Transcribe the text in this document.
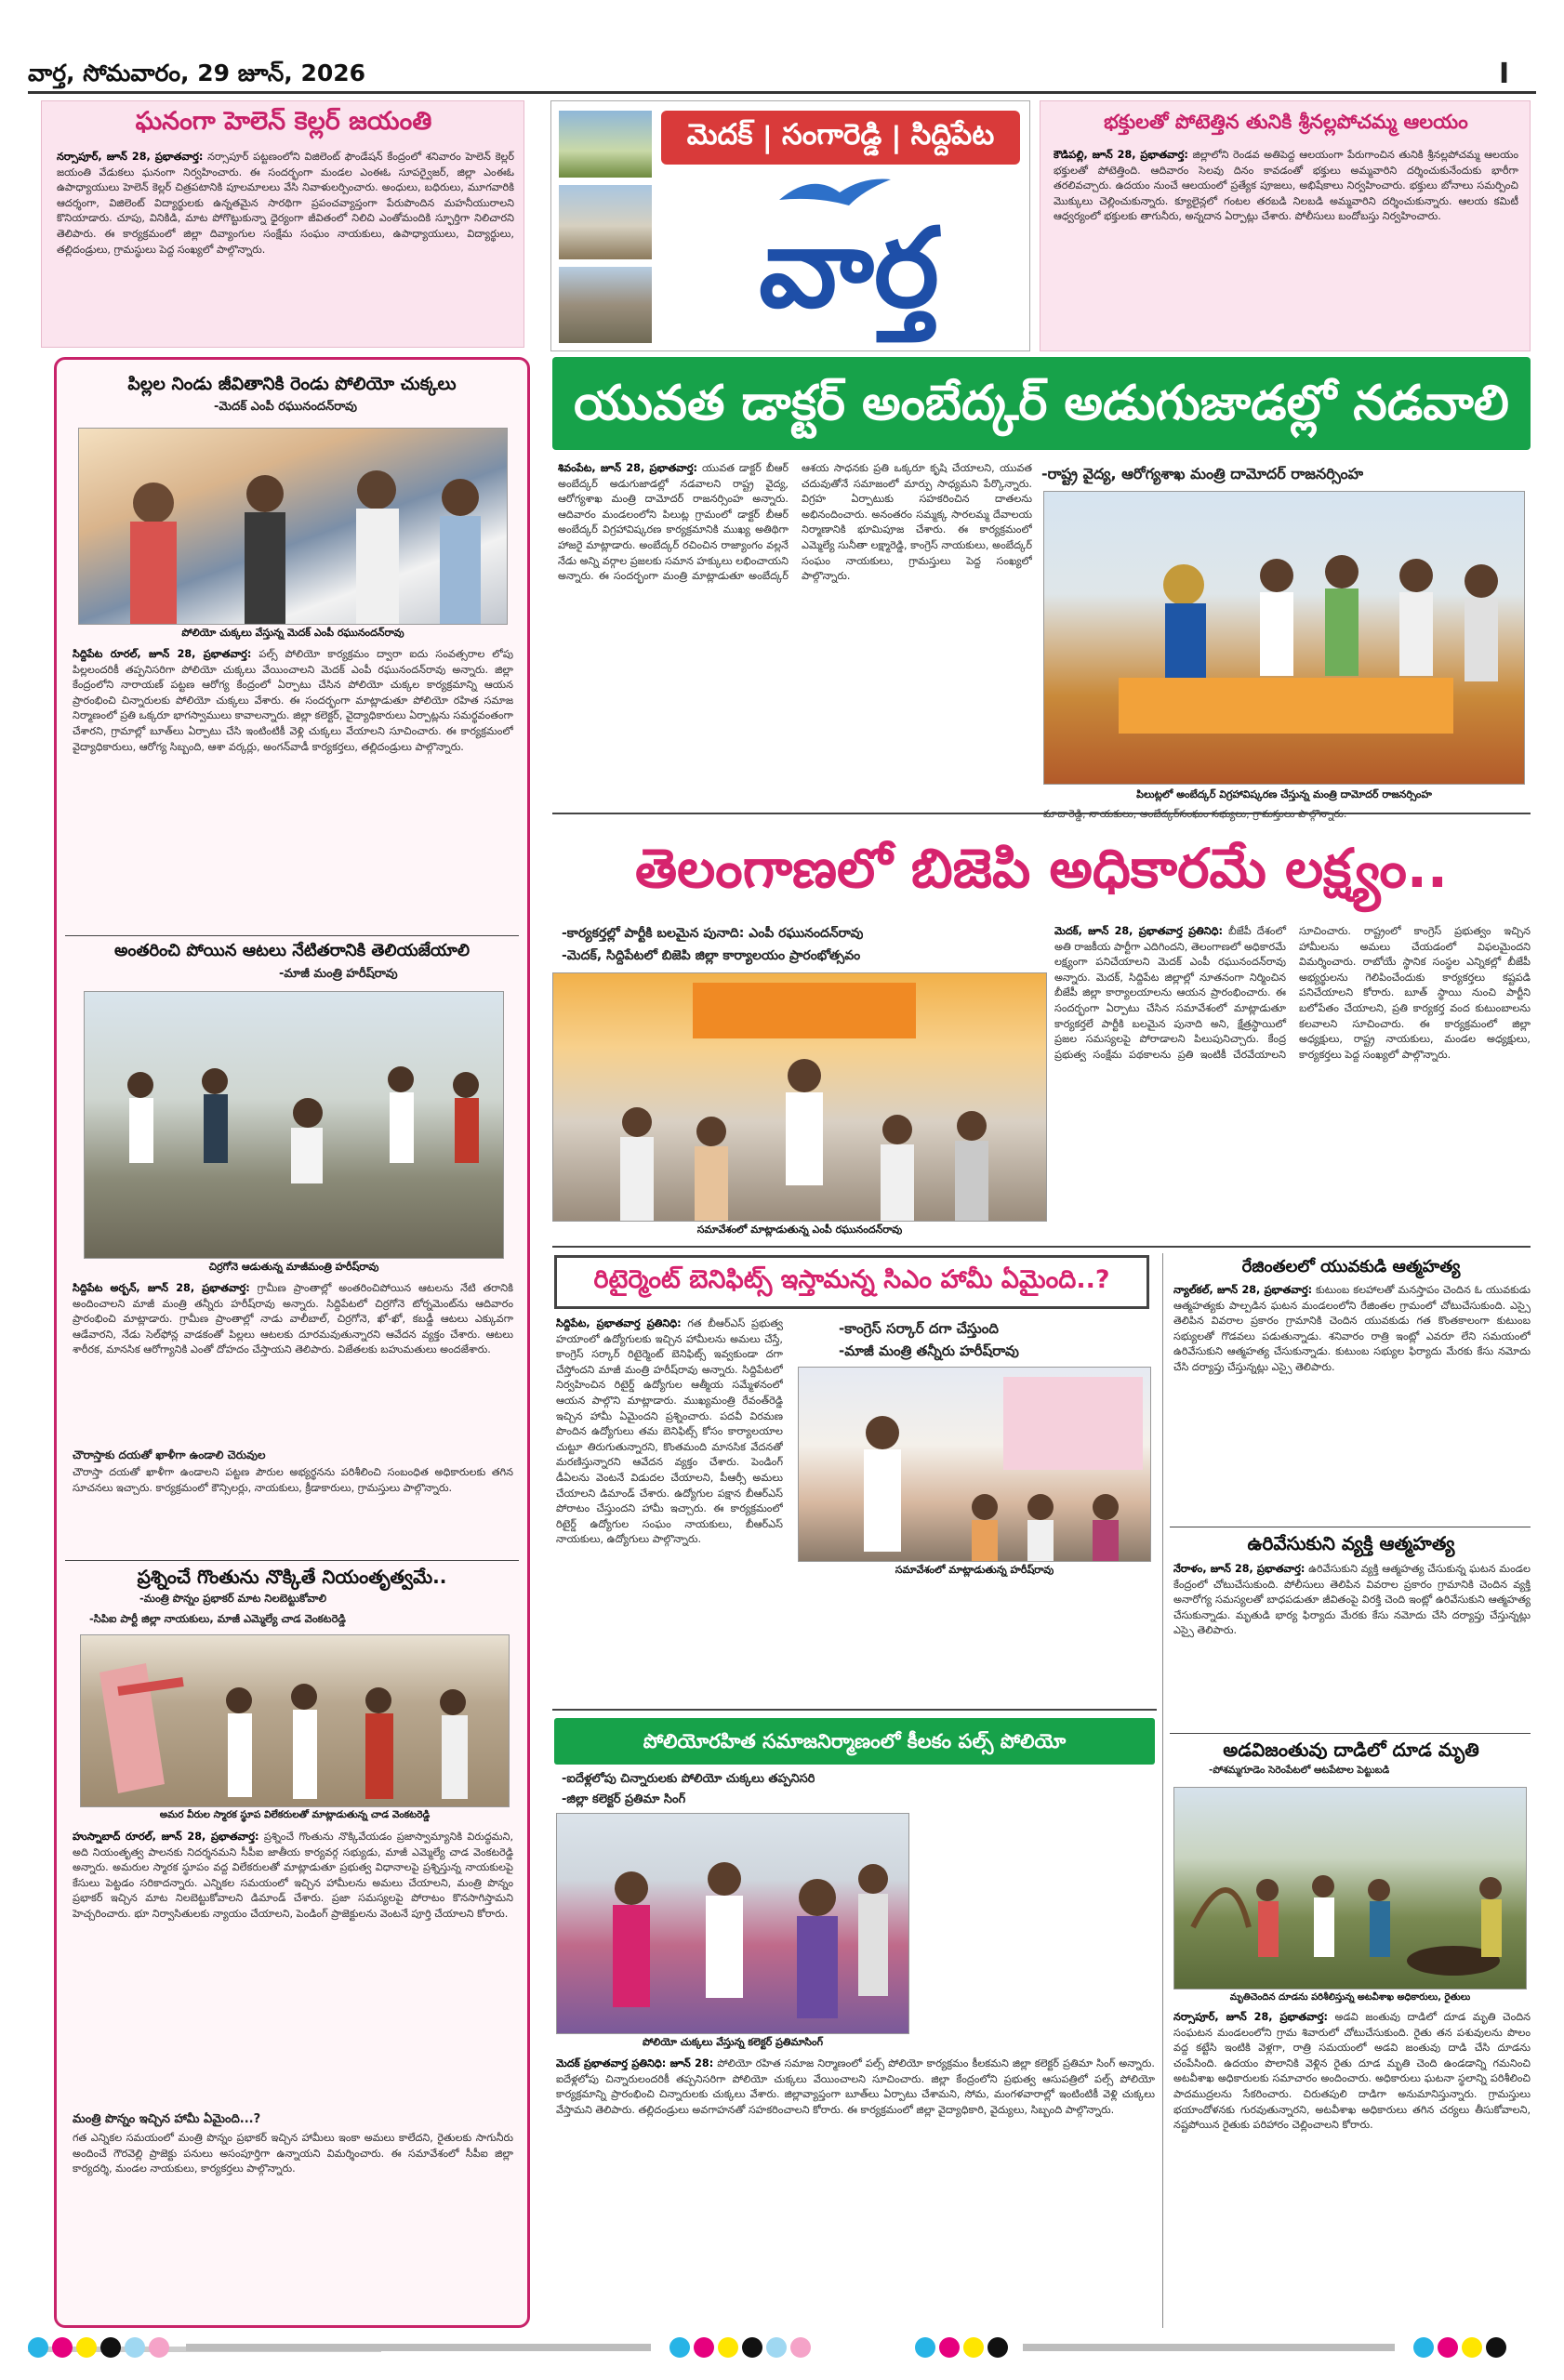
వార్త, సోమవారం, 29 జూన్, 2026	I
ఘనంగా హెలెన్ కెల్లర్ జయంతి
నర్సాపూర్, జూన్ 28, ప్రభాతవార్త: నర్సాపూర్ పట్టణంలోని విజిలెంట్ ఫౌండేషన్ కేంద్రంలో శనివారం హెలెన్ కెల్లర్ జయంతి వేడుకలు ఘనంగా నిర్వహించారు. ఈ సందర్భంగా మండల ఎంఈఓ సూపర్వైజర్, జిల్లా ఎంఈఓ ఉపాధ్యాయులు హెలెన్ కెల్లర్ చిత్రపటానికి పూలమాలలు వేసి నివాళులర్పించారు. అంధులు, బధిరులు, మూగవారికి ఆదర్శంగా, విజిలెంట్ విద్యార్థులకు ఉన్నతమైన సారథిగా ప్రపంచవ్యాప్తంగా పేరుపొందిన మహనీయురాలని కొనియాడారు. చూపు, వినికిడి, మాట పోగొట్టుకున్నా ధైర్యంగా జీవితంలో నిలిచి ఎంతోమందికి స్ఫూర్తిగా నిలిచారని తెలిపారు. ఈ కార్యక్రమంలో జిల్లా దివ్యాంగుల సంక్షేమ సంఘం నాయకులు, ఉపాధ్యాయులు, విద్యార్థులు, తల్లిదండ్రులు, గ్రామస్థులు పెద్ద సంఖ్యలో పాల్గొన్నారు.
మెదక్ | సంగారెడ్డి | సిద్దిపేట
వార్త
భక్తులతో పోటెత్తిన తునికి శ్రీనల్లపోచమ్మ ఆలయం
కౌడిపల్లి, జూన్ 28, ప్రభాతవార్త: జిల్లాలోని రెండవ అతిపెద్ద ఆలయంగా పేరుగాంచిన తునికి శ్రీనల్లపోచమ్మ ఆలయం భక్తులతో పోటెత్తింది. ఆదివారం సెలవు దినం కావడంతో భక్తులు అమ్మవారిని దర్శించుకునేందుకు భారీగా తరలివచ్చారు. ఉదయం నుంచే ఆలయంలో ప్రత్యేక పూజలు, అభిషేకాలు నిర్వహించారు. భక్తులు బోనాలు సమర్పించి మొక్కులు చెల్లించుకున్నారు. క్యూలైన్లలో గంటల తరబడి నిలబడి అమ్మవారిని దర్శించుకున్నారు. ఆలయ కమిటీ ఆధ్వర్యంలో భక్తులకు తాగునీరు, అన్నదాన ఏర్పాట్లు చేశారు. పోలీసులు బందోబస్తు నిర్వహించారు.
పిల్లల నిండు జీవితానికి రెండు పోలియో చుక్కలు
-మెదక్ ఎంపీ రఘునందన్‌రావు
పోలియో చుక్కలు వేస్తున్న మెదక్ ఎంపీ రఘునందన్‌రావు
సిద్దిపేట రూరల్, జూన్ 28, ప్రభాతవార్త: పల్స్ పోలియో కార్యక్రమం ద్వారా ఐదు సంవత్సరాల లోపు పిల్లలందరికీ తప్పనిసరిగా పోలియో చుక్కలు వేయించాలని మెదక్ ఎంపీ రఘునందన్‌రావు అన్నారు. జిల్లా కేంద్రంలోని నారాయణ్ పట్టణ ఆరోగ్య కేంద్రంలో ఏర్పాటు చేసిన పోలియో చుక్కల కార్యక్రమాన్ని ఆయన ప్రారంభించి చిన్నారులకు పోలియో చుక్కలు వేశారు. ఈ సందర్భంగా మాట్లాడుతూ పోలియో రహిత సమాజ నిర్మాణంలో ప్రతి ఒక్కరూ భాగస్వాములు కావాలన్నారు. జిల్లా కలెక్టర్, వైద్యాధికారులు ఏర్పాట్లను సమర్థవంతంగా చేశారని, గ్రామాల్లో బూత్‌లు ఏర్పాటు చేసి ఇంటింటికీ వెళ్లి చుక్కలు వేయాలని సూచించారు. ఈ కార్యక్రమంలో వైద్యాధికారులు, ఆరోగ్య సిబ్బంది, ఆశా వర్కర్లు, అంగన్‌వాడీ కార్యకర్తలు, తల్లిదండ్రులు పాల్గొన్నారు.
అంతరించి పోయిన ఆటలు నేటితరానికి తెలియజేయాలి
-మాజీ మంత్రి హరీష్‌రావు
చిర్రగోనె ఆడుతున్న మాజీమంత్రి హరీష్‌రావు
సిద్దిపేట అర్బన్, జూన్ 28, ప్రభాతవార్త: గ్రామీణ ప్రాంతాల్లో అంతరించిపోయిన ఆటలను నేటి తరానికి అందించాలని మాజీ మంత్రి తన్నీరు హరీష్‌రావు అన్నారు. సిద్దిపేటలో చిర్రగోనె టోర్నమెంట్‌ను ఆదివారం ప్రారంభించి మాట్లాడారు. గ్రామీణ ప్రాంతాల్లో నాడు వాలీబాల్, చిర్రగోనె, ఖో-ఖో, కబడ్డీ ఆటలు ఎక్కువగా ఆడేవారని, నేడు సెల్‌ఫోన్ల వాడకంతో పిల్లలు ఆటలకు దూరమవుతున్నారని ఆవేదన వ్యక్తం చేశారు. ఆటలు శారీరక, మానసిక ఆరోగ్యానికి ఎంతో దోహదం చేస్తాయని తెలిపారు. విజేతలకు బహుమతులు అందజేశారు.
చౌరాస్తాకు దయతో ఖాళీగా ఉండాలి చెరువుల
చౌరాస్తా దయతో ఖాళీగా ఉండాలని పట్టణ పౌరుల అభ్యర్థనను పరిశీలించి సంబంధిత అధికారులకు తగిన సూచనలు ఇచ్చారు. కార్యక్రమంలో కౌన్సిలర్లు, నాయకులు, క్రీడాకారులు, గ్రామస్తులు పాల్గొన్నారు.
ప్రశ్నించే గొంతును నొక్కితే నియంతృత్వమే..
-మంత్రి పొన్నం ప్రభాకర్ మాట నిలబెట్టుకోవాలి
-సిపిఐ పార్టీ జిల్లా నాయకులు, మాజీ ఎమ్మెల్యే చాడ వెంకటరెడ్డి
అమర వీరుల స్మారక స్థూప విలేకరులతో మాట్లాడుతున్న చాడ వెంకటరెడ్డి
హుస్నాబాద్ రూరల్, జూన్ 28, ప్రభాతవార్త: ప్రశ్నించే గొంతును నొక్కివేయడం ప్రజాస్వామ్యానికి విరుద్ధమని, అది నియంతృత్వ పాలనకు నిదర్శనమని సీపీఐ జాతీయ కార్యవర్గ సభ్యుడు, మాజీ ఎమ్మెల్యే చాడ వెంకటరెడ్డి అన్నారు. అమరుల స్మారక స్థూపం వద్ద విలేకరులతో మాట్లాడుతూ ప్రభుత్వ విధానాలపై ప్రశ్నిస్తున్న నాయకులపై కేసులు పెట్టడం సరికాదన్నారు. ఎన్నికల సమయంలో ఇచ్చిన హామీలను అమలు చేయాలని, మంత్రి పొన్నం ప్రభాకర్ ఇచ్చిన మాట నిలబెట్టుకోవాలని డిమాండ్ చేశారు. ప్రజా సమస్యలపై పోరాటం కొనసాగిస్తామని హెచ్చరించారు. భూ నిర్వాసితులకు న్యాయం చేయాలని, పెండింగ్ ప్రాజెక్టులను వెంటనే పూర్తి చేయాలని కోరారు.
మంత్రి పొన్నం ఇచ్చిన హామీ ఏమైంది...?
గత ఎన్నికల సమయంలో మంత్రి పొన్నం ప్రభాకర్ ఇచ్చిన హామీలు ఇంకా అమలు కాలేదని, రైతులకు సాగునీరు అందించే గౌరవెల్లి ప్రాజెక్టు పనులు అసంపూర్తిగా ఉన్నాయని విమర్శించారు. ఈ సమావేశంలో సీపీఐ జిల్లా కార్యదర్శి, మండల నాయకులు, కార్యకర్తలు పాల్గొన్నారు.
యువత డాక్టర్ అంబేద్కర్ అడుగుజాడల్లో నడవాలి
-రాష్ట్ర వైద్య, ఆరోగ్యశాఖ మంత్రి దామోదర్ రాజనర్సింహ
శివంపేట, జూన్ 28, ప్రభాతవార్త: యువత డాక్టర్ బీఆర్ అంబేద్కర్ అడుగుజాడల్లో నడవాలని రాష్ట్ర వైద్య, ఆరోగ్యశాఖ మంత్రి దామోదర్ రాజనర్సింహ అన్నారు. ఆదివారం మండలంలోని పిలుట్ల గ్రామంలో డాక్టర్ బీఆర్ అంబేద్కర్ విగ్రహావిష్కరణ కార్యక్రమానికి ముఖ్య అతిథిగా హాజరై మాట్లాడారు. అంబేద్కర్ రచించిన రాజ్యాంగం వల్లనే నేడు అన్ని వర్గాల ప్రజలకు సమాన హక్కులు లభించాయని అన్నారు. ఈ సందర్భంగా మంత్రి మాట్లాడుతూ అంబేద్కర్ ఆశయ సాధనకు ప్రతి ఒక్కరూ కృషి చేయాలని, యువత చదువుతోనే సమాజంలో మార్పు సాధ్యమని పేర్కొన్నారు. విగ్రహ ఏర్పాటుకు సహకరించిన దాతలను అభినందించారు. అనంతరం సమ్మక్క సారలమ్మ దేవాలయ నిర్మాణానికి భూమిపూజ చేశారు. ఈ కార్యక్రమంలో ఎమ్మెల్యే సునీతా లక్ష్మారెడ్డి, కాంగ్రెస్ నాయకులు, అంబేద్కర్ సంఘం నాయకులు, గ్రామస్తులు పెద్ద సంఖ్యలో పాల్గొన్నారు.
పిలుట్లలో అంబేద్కర్ విగ్రహావిష్కరణ చేస్తున్న మంత్రి దామోదర్ రాజనర్సింహ
తెలంగాణలో బిజెపి అధికారమే లక్ష్యం..
-కార్యకర్తల్లో పార్టీకి బలమైన పునాది: ఎంపీ రఘునందన్‌రావు
-మెదక్, సిద్దిపేటలో బిజెపి జిల్లా కార్యాలయం ప్రారంభోత్సవం
సమావేశంలో మాట్లాడుతున్న ఎంపీ రఘునందన్‌రావు
మెదక్, జూన్ 28, ప్రభాతవార్త ప్రతినిధి: బీజేపీ దేశంలో అతి రాజకీయ పార్టీగా ఎదిగిందని, తెలంగాణలో అధికారమే లక్ష్యంగా పనిచేయాలని మెదక్ ఎంపీ రఘునందన్‌రావు అన్నారు. మెదక్, సిద్దిపేట జిల్లాల్లో నూతనంగా నిర్మించిన బీజేపీ జిల్లా కార్యాలయాలను ఆయన ప్రారంభించారు. ఈ సందర్భంగా ఏర్పాటు చేసిన సమావేశంలో మాట్లాడుతూ కార్యకర్తలే పార్టీకి బలమైన పునాది అని, క్షేత్రస్థాయిలో ప్రజల సమస్యలపై పోరాడాలని పిలుపునిచ్చారు. కేంద్ర ప్రభుత్వ సంక్షేమ పథకాలను ప్రతి ఇంటికీ చేరవేయాలని సూచించారు. రాష్ట్రంలో కాంగ్రెస్ ప్రభుత్వం ఇచ్చిన హామీలను అమలు చేయడంలో విఫలమైందని విమర్శించారు. రాబోయే స్థానిక సంస్థల ఎన్నికల్లో బీజేపీ అభ్యర్థులను గెలిపించేందుకు కార్యకర్తలు కష్టపడి పనిచేయాలని కోరారు. బూత్ స్థాయి నుంచి పార్టీని బలోపేతం చేయాలని, ప్రతి కార్యకర్త వంద కుటుంబాలను కలవాలని సూచించారు. ఈ కార్యక్రమంలో జిల్లా అధ్యక్షులు, రాష్ట్ర నాయకులు, మండల అధ్యక్షులు, కార్యకర్తలు పెద్ద సంఖ్యలో పాల్గొన్నారు.
రిటైర్మెంట్ బెనిఫిట్స్ ఇస్తామన్న సిఎం హామీ ఏమైంది..?
సిద్దిపేట, ప్రభాతవార్త ప్రతినిధి: గత బీఆర్ఎస్ ప్రభుత్వ హయాంలో ఉద్యోగులకు ఇచ్చిన హామీలను అమలు చేస్తే, కాంగ్రెస్ సర్కార్ రిటైర్మెంట్ బెనిఫిట్స్ ఇవ్వకుండా దగా చేస్తోందని మాజీ మంత్రి హరీష్‌రావు అన్నారు. సిద్దిపేటలో నిర్వహించిన రిటైర్డ్ ఉద్యోగుల ఆత్మీయ సమ్మేళనంలో ఆయన పాల్గొని మాట్లాడారు. ముఖ్యమంత్రి రేవంత్‌రెడ్డి ఇచ్చిన హామీ ఏమైందని ప్రశ్నించారు. పదవీ విరమణ పొందిన ఉద్యోగులు తమ బెనిఫిట్స్ కోసం కార్యాలయాల చుట్టూ తిరుగుతున్నారని, కొంతమంది మానసిక వేదనతో మరణిస్తున్నారని ఆవేదన వ్యక్తం చేశారు. పెండింగ్ డీఏలను వెంటనే విడుదల చేయాలని, పీఆర్సీ అమలు చేయాలని డిమాండ్ చేశారు. ఉద్యోగుల పక్షాన బీఆర్ఎస్ పోరాటం చేస్తుందని హామీ ఇచ్చారు. ఈ కార్యక్రమంలో రిటైర్డ్ ఉద్యోగుల సంఘం నాయకులు, బీఆర్ఎస్ నాయకులు, ఉద్యోగులు పాల్గొన్నారు.
-కాంగ్రెస్ సర్కార్ దగా చేస్తుంది
-మాజీ మంత్రి తన్నీరు హరీష్‌రావు
సమావేశంలో మాట్లాడుతున్న హరీష్‌రావు

పోలియోరహిత సమాజనిర్మాణంలో కీలకం పల్స్ పోలియో
-ఐదేళ్లలోపు చిన్నారులకు పోలియో చుక్కలు తప్పనిసరి
-జిల్లా కలెక్టర్ ప్రతిమా సింగ్
పోలియో చుక్కలు వేస్తున్న కలెక్టర్ ప్రతిమాసింగ్
మెదక్ ప్రభాతవార్త ప్రతినిధి: జూన్ 28: పోలియో రహిత సమాజ నిర్మాణంలో పల్స్ పోలియో కార్యక్రమం కీలకమని జిల్లా కలెక్టర్ ప్రతిమా సింగ్ అన్నారు. ఐదేళ్లలోపు చిన్నారులందరికీ తప్పనిసరిగా పోలియో చుక్కలు వేయించాలని సూచించారు. జిల్లా కేంద్రంలోని ప్రభుత్వ ఆసుపత్రిలో పల్స్ పోలియో కార్యక్రమాన్ని ప్రారంభించి చిన్నారులకు చుక్కలు వేశారు. జిల్లావ్యాప్తంగా బూత్‌లు ఏర్పాటు చేశామని, సోమ, మంగళవారాల్లో ఇంటింటికీ వెళ్లి చుక్కలు వేస్తామని తెలిపారు. తల్లిదండ్రులు అవగాహనతో సహకరించాలని కోరారు. ఈ కార్యక్రమంలో జిల్లా వైద్యాధికారి, వైద్యులు, సిబ్బంది పాల్గొన్నారు.

రేజింతలలో యువకుడి ఆత్మహత్య
న్యాల్‌కల్, జూన్ 28, ప్రభాతవార్త: కుటుంబ కలహాలతో మనస్తాపం చెందిన ఓ యువకుడు ఆత్మహత్యకు పాల్పడిన ఘటన మండలంలోని రేజింతల గ్రామంలో చోటుచేసుకుంది. ఎస్సై తెలిపిన వివరాల ప్రకారం గ్రామానికి చెందిన యువకుడు గత కొంతకాలంగా కుటుంబ సభ్యులతో గొడవలు పడుతున్నాడు. శనివారం రాత్రి ఇంట్లో ఎవరూ లేని సమయంలో ఉరివేసుకుని ఆత్మహత్య చేసుకున్నాడు. కుటుంబ సభ్యుల ఫిర్యాదు మేరకు కేసు నమోదు చేసి దర్యాప్తు చేస్తున్నట్లు ఎస్సై తెలిపారు.
ఉరివేసుకుని వ్యక్తి ఆత్మహత్య
నేరాళం, జూన్ 28, ప్రభాతవార్త: ఉరివేసుకుని వ్యక్తి ఆత్మహత్య చేసుకున్న ఘటన మండల కేంద్రంలో చోటుచేసుకుంది. పోలీసులు తెలిపిన వివరాల ప్రకారం గ్రామానికి చెందిన వ్యక్తి అనారోగ్య సమస్యలతో బాధపడుతూ జీవితంపై విరక్తి చెంది ఇంట్లో ఉరివేసుకుని ఆత్మహత్య చేసుకున్నాడు. మృతుడి భార్య ఫిర్యాదు మేరకు కేసు నమోదు చేసి దర్యాప్తు చేస్తున్నట్లు ఎస్సై తెలిపారు.
అడవిజంతువు దాడిలో దూడ మృతి
-పోశమ్మగూడెం సెరెంపేటలో ఆటపేటాల పెట్టుబడి
మృతిచెందిన దూడను పరిశీలిస్తున్న అటవీశాఖ అధికారులు, రైతులు
నర్సాపూర్, జూన్ 28, ప్రభాతవార్త: అడవి జంతువు దాడిలో దూడ మృతి చెందిన సంఘటన మండలంలోని గ్రామ శివారులో చోటుచేసుకుంది. రైతు తన పశువులను పొలం వద్ద కట్టేసి ఇంటికి వెళ్లగా, రాత్రి సమయంలో అడవి జంతువు దాడి చేసి దూడను చంపేసింది. ఉదయం పొలానికి వెళ్లిన రైతు దూడ మృతి చెంది ఉండడాన్ని గమనించి అటవీశాఖ అధికారులకు సమాచారం అందించారు. అధికారులు ఘటనా స్థలాన్ని పరిశీలించి పాదముద్రలను సేకరించారు. చిరుతపులి దాడిగా అనుమానిస్తున్నారు. గ్రామస్తులు భయాందోళనకు గురవుతున్నారని, అటవీశాఖ అధికారులు తగిన చర్యలు తీసుకోవాలని, నష్టపోయిన రైతుకు పరిహారం చెల్లించాలని కోరారు.
